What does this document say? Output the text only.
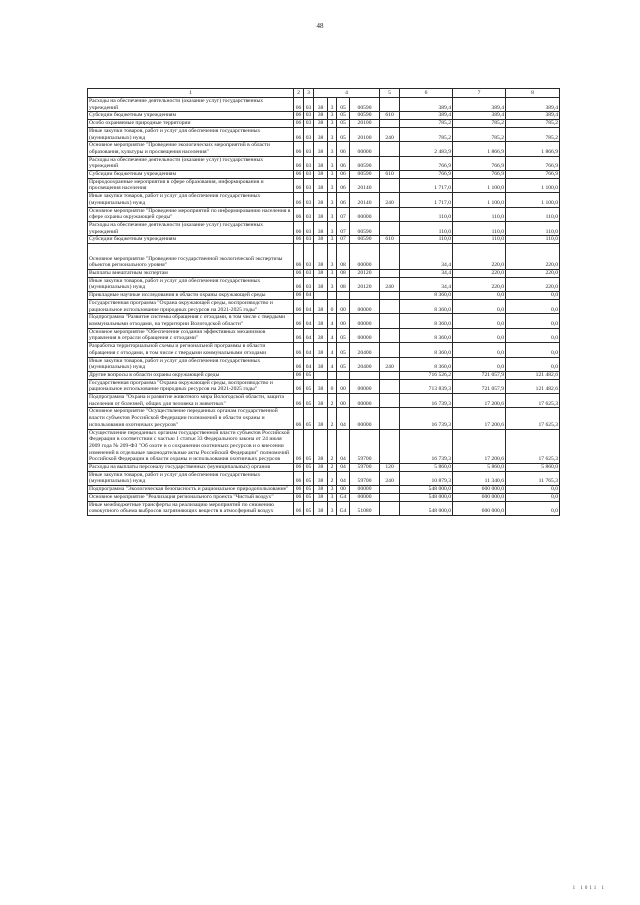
48
1	2	3	4				5	6	7	8
Расходы на обеспечение деятельности (оказание услуг) государственных учреждений	06	03	38	3	05	00590		389,4	389,4	389,4
Субсидии бюджетным учреждениям	06	03	38	3	05	00590	610	389,4	389,4	389,4
Особо охраняемые природные территории	06	03	38	3	05	20100		785,2	785,2	785,2
Иные закупки товаров, работ и услуг для обеспечения государственных (муниципальных) нужд	06	03	38	3	05	20100	240	785,2	785,2	785,2
Основное мероприятие "Проведение экологических мероприятий в области образования, культуры и просвещения населения"	06	03	38	3	06	00000		2 483,9	1 866,9	1 866,9
Расходы на обеспечение деятельности (оказание услуг) государственных учреждений	06	03	38	3	06	00590		766,9	766,9	766,9
Субсидии бюджетным учреждениям	06	03	38	3	06	00590	610	766,9	766,9	766,9
Природоохранные мероприятия в сфере образования, информирования и просвещения населения	06	03	38	3	06	20140		1 717,0	1 100,0	1 100,0
Иные закупки товаров, работ и услуг для обеспечения государственных (муниципальных) нужд	06	03	38	3	06	20140	240	1 717,0	1 100,0	1 100,0
Основное мероприятие "Проведение мероприятий по информированию населения в сфере охраны окружающей среды"	06	03	38	3	07	00000		110,0	110,0	110,0
Расходы на обеспечение деятельности (оказание услуг) государственных учреждений	06	03	38	3	07	00590		110,0	110,0	110,0
Субсидии бюджетным учреждениям	06	03	38	3	07	00590	610	110,0	110,0	110,0
Основное мероприятие "Проведение государственной экологической экспертизы объектов регионального уровня"	06	03	38	3	08	00000		34,4	220,0	220,0
Выплаты внештатным экспертам	06	03	38	3	08	20120		34,4	220,0	220,0
Иные закупки товаров, работ и услуг для обеспечения государственных (муниципальных) нужд	06	03	38	3	08	20120	240	34,4	220,0	220,0
Прикладные научные исследования в области охраны окружающей среды	06	04						8 360,0	0,0	0,0
Государственная программа "Охрана окружающей среды, воспроизводство и рациональное использование природных ресурсов на 2021-2025 годы"	06	04	38	0	00	00000		8 360,0	0,0	0,0
Подпрограмма "Развитие системы обращения с отходами, в том числе с твердыми коммунальными отходами, на территории Вологодской области"	06	04	38	4	00	00000		8 360,0	0,0	0,0
Основное мероприятие "Обеспечение создания эффективных механизмов управления в отрасли обращения с отходами"	06	04	38	4	05	00000		8 360,0	0,0	0,0
Разработка территориальной схемы и региональной программы в области обращения с отходами, в том числе с твердыми коммунальными отходами	06	04	38	4	05	20400		8 360,0	0,0	0,0
Иные закупки товаров, работ и услуг для обеспечения государственных (муниципальных) нужд	06	04	38	4	05	20400	240	8 360,0	0,0	0,0
Другие вопросы в области охраны окружающей среды	06	05						716 526,2	721 057,9	121 482,6
Государственная программа "Охрана окружающей среды, воспроизводство и рациональное использование природных ресурсов на 2021-2025 годы"	06	05	38	0	00	00000		713 839,3	721 057,9	121 482,6
Подпрограмма "Охрана и развитие животного мира Вологодской области, защита населения от болезней, общих для человека и животных"	06	05	38	2	00	00000		16 739,3	17 200,6	17 625,3
Основное мероприятие "Осуществление переданных органам государственной власти субъектов Российской Федерации полномочий в области охраны и использования охотничьих ресурсов"	06	05	38	2	04	00000		16 739,3	17 200,6	17 625,3
Осуществление переданных органам государственной власти субъектов Российской Федерации в соответствии с частью 1 статьи 33 Федерального закона от 24 июля 2009 года № 209-ФЗ "Об охоте и о сохранении охотничьих ресурсов и о внесении изменений в отдельные законодательные акты Российской Федерации" полномочий Российской Федерации в области охраны и использования охотничьих ресурсов	06	05	38	2	04	59700		16 739,3	17 200,6	17 625,3
Расходы на выплаты персоналу государственных (муниципальных) органов	06	05	38	2	04	59700	120	5 860,0	5 860,0	5 860,0
Иные закупки товаров, работ и услуг для обеспечения государственных (муниципальных) нужд	06	05	38	2	04	59700	240	10 879,3	11 340,6	11 765,3
Подпрограмма "Экологическая безопасность и рациональное природопользование"	06	05	38	3	00	00000		548 000,0	600 000,0	0,0
Основное мероприятие "Реализация регионального проекта "Чистый воздух"	06	05	38	3	G4	00000		548 000,0	600 000,0	0,0
Иные межбюджетные трансферты на реализацию мероприятий по снижению совокупного объема выбросов загрязняющих веществ в атмосферный воздух	06	05	38	3	G4	51080		548 000,0	600 000,0	0,0
1 1011 1
